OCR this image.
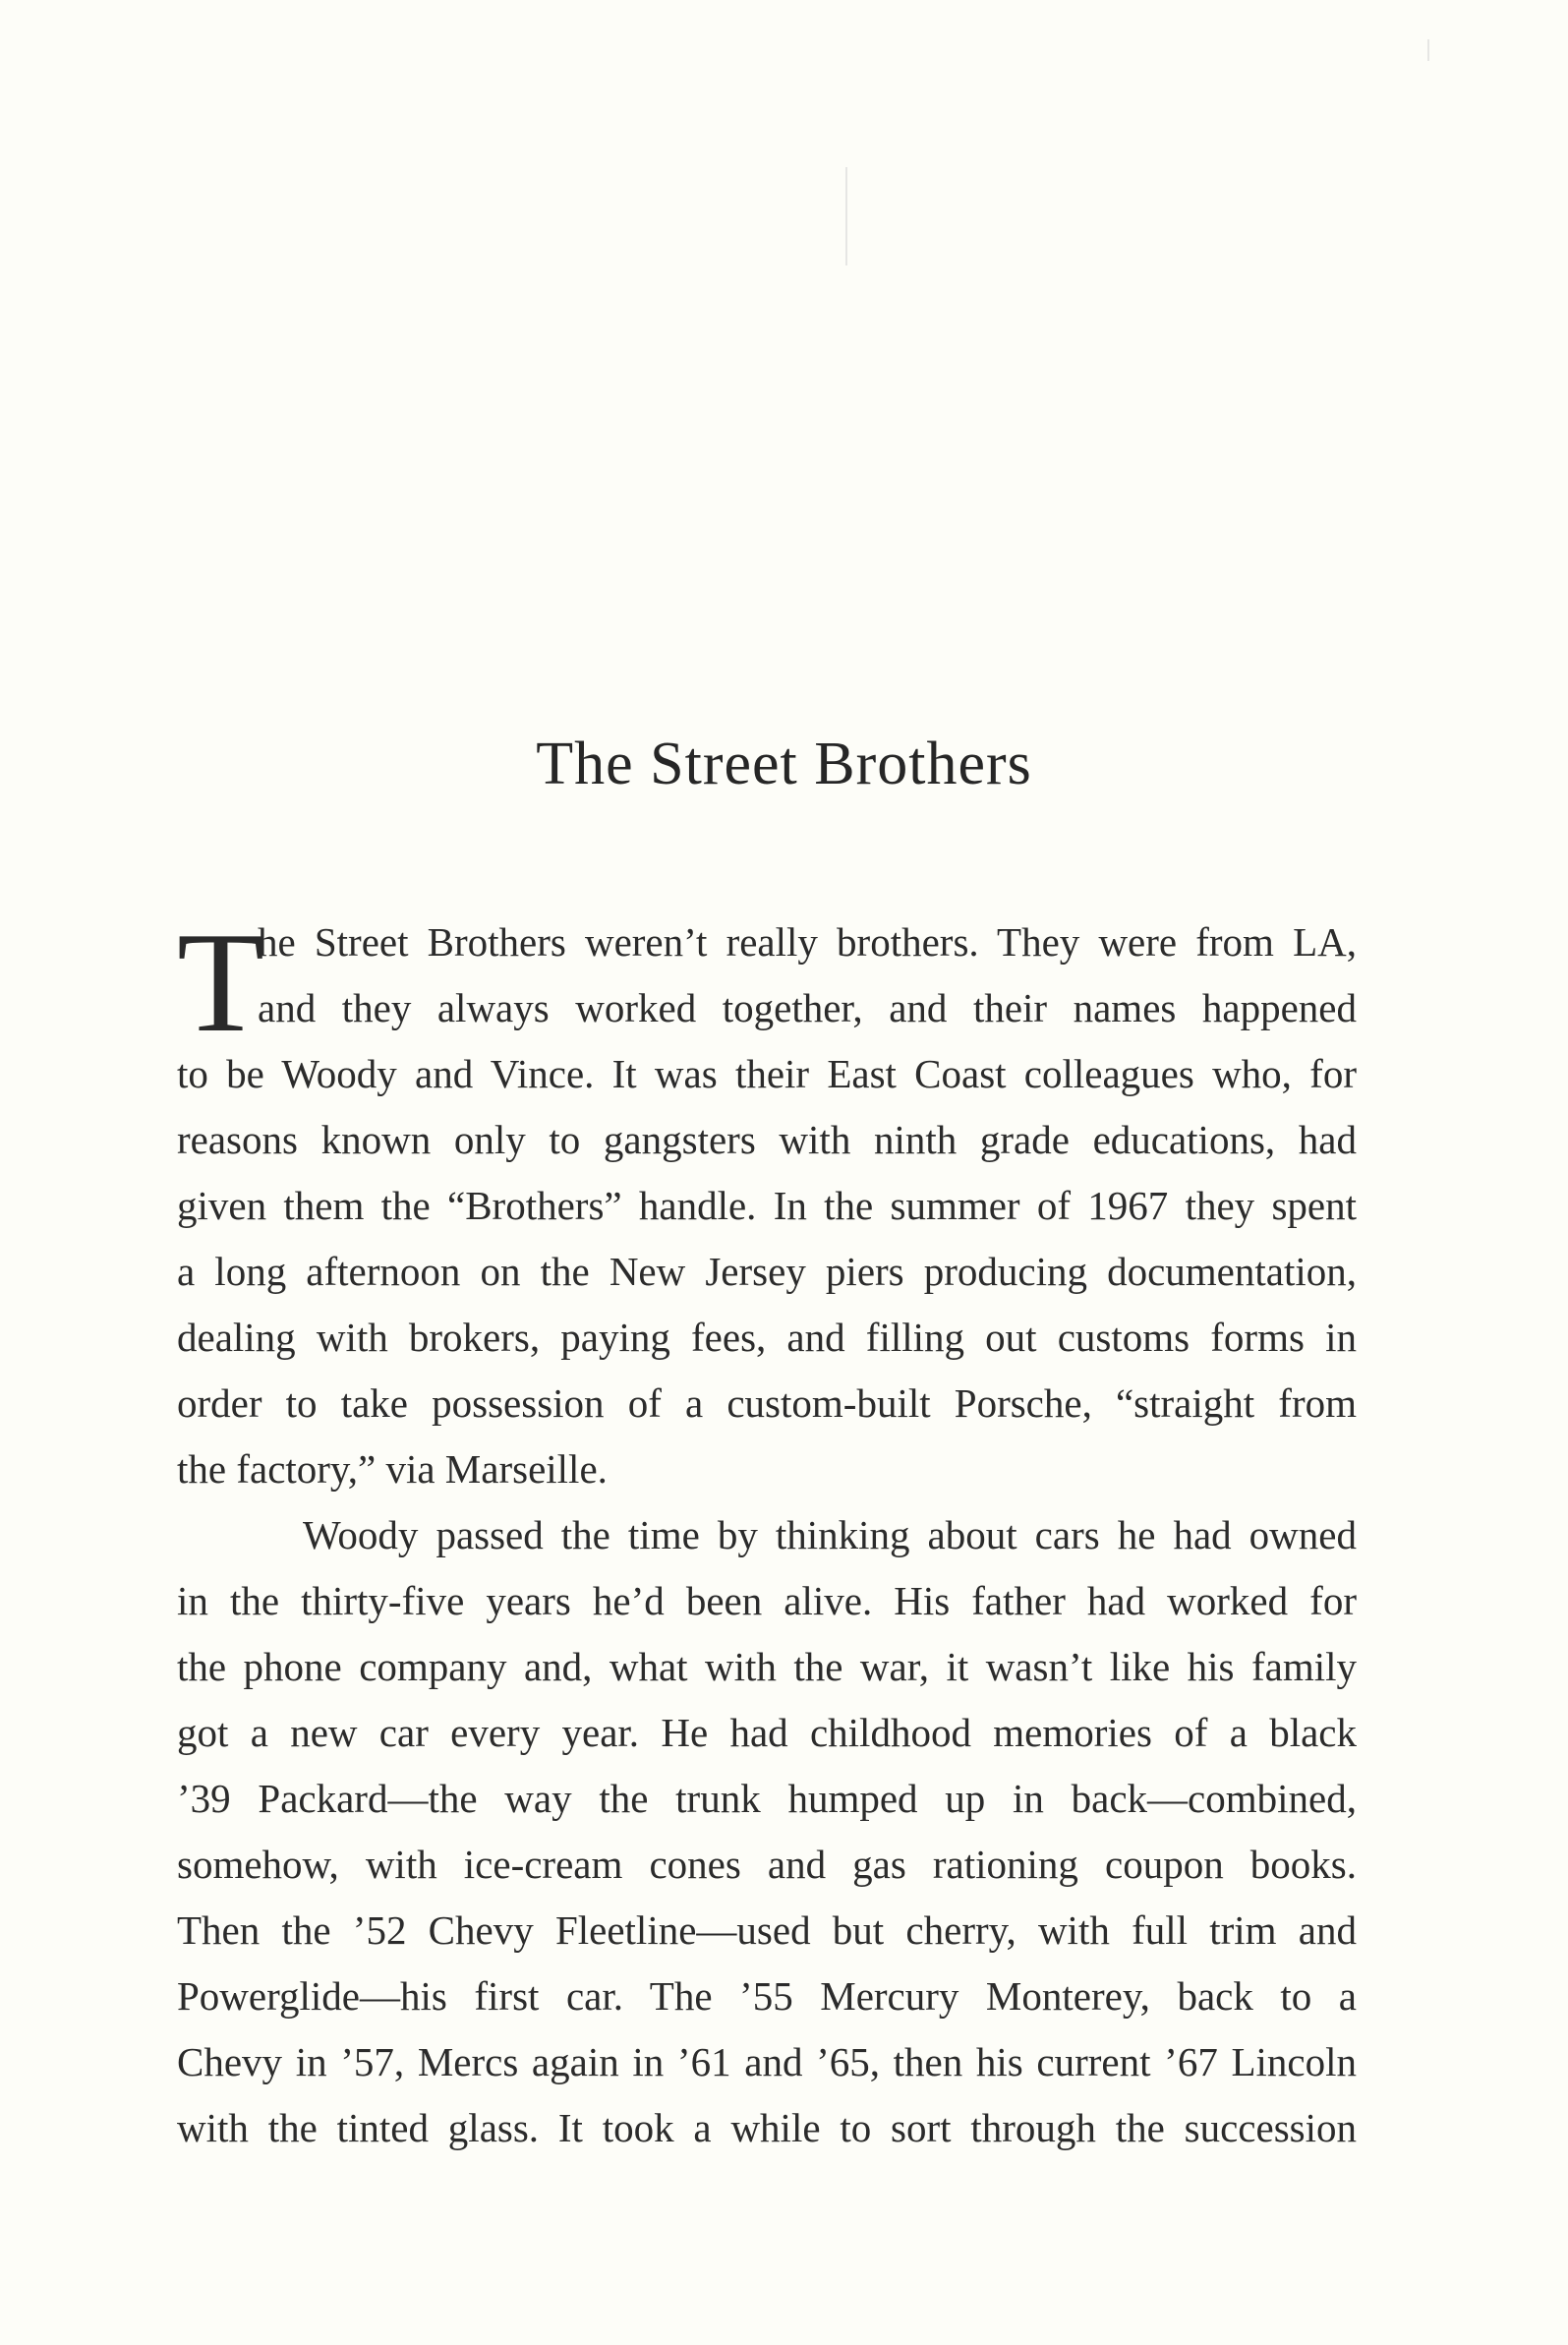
The Street Brothers
T
he Street Brothers weren’t really brothers. They were from LA,
and they always worked together, and their names happened
to be Woody and Vince. It was their East Coast colleagues who, for
reasons known only to gangsters with ninth grade educations, had
given them the “Brothers” handle. In the summer of 1967 they spent
a long afternoon on the New Jersey piers producing documentation,
dealing with brokers, paying fees, and filling out customs forms in
order to take possession of a custom-built Porsche, “straight from
the factory,” via Marseille.
Woody passed the time by thinking about cars he had owned
in the thirty-five years he’d been alive. His father had worked for
the phone company and, what with the war, it wasn’t like his family
got a new car every year. He had childhood memories of a black
’39 Packard—the way the trunk humped up in back—combined,
somehow, with ice-cream cones and gas rationing coupon books.
Then the ’52 Chevy Fleetline—used but cherry, with full trim and
Powerglide—his first car. The ’55 Mercury Monterey, back to a
Chevy in ’57, Mercs again in ’61 and ’65, then his current ’67 Lincoln
with the tinted glass. It took a while to sort through the succession
